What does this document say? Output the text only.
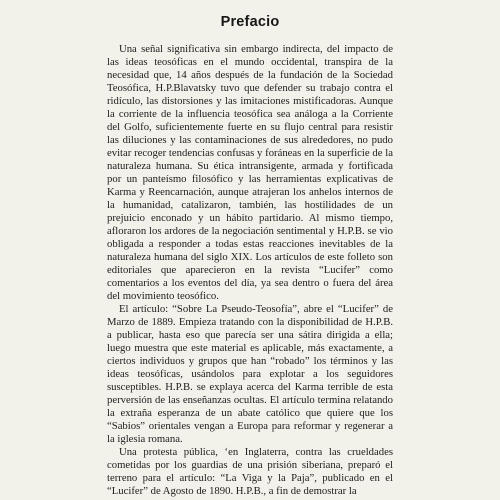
Prefacio

Una señal significativa sin embargo indirecta, del impacto de las ideas teosóficas en el mundo occidental, transpira de la necesidad que, 14 años después de la fundación de la Sociedad Teosófica, H.P.Blavatsky tuvo que defender su trabajo contra el ridículo, las distorsiones y las imitaciones mistificadoras. Aunque la corriente de la influencia teosófica sea análoga a la Corriente del Golfo, suficientemente fuerte en su flujo central para resistir las diluciones y las contaminaciones de sus alrededores, no pudo evitar recoger tendencias confusas y foráneas en la superficie de la naturaleza humana. Su ética intransigente, armada y fortificada por un panteísmo filosófico y las herramientas explicativas de Karma y Reencarnación, aunque atrajeran los anhelos internos de la humanidad, catalizaron, también, las hostilidades de un prejuicio enconado y un hábito partidario. Al mismo tiempo, afloraron los ardores de la negociación sentimental y H.P.B. se vio obligada a responder a todas estas reacciones inevitables de la naturaleza humana del siglo XIX. Los artículos de este folleto son editoriales que aparecieron en la revista “Lucifer” como comentarios a los eventos del día, ya sea dentro o fuera del área del movimiento teosófico.

El artículo: “Sobre La Pseudo-Teosofía”, abre el “Lucifer” de Marzo de 1889. Empieza tratando con la disponibilidad de H.P.B. a publicar, hasta eso que parecía ser una sátira dirigida a ella; luego muestra que este material es aplicable, más exactamente, a ciertos individuos y grupos que han “robado” los términos y las ideas teosóficas, usándolos para explotar a los seguidores susceptibles. H.P.B. se explaya acerca del Karma terrible de esta perversión de las enseñanzas ocultas. El artículo termina relatando la extraña esperanza de un abate católico que quiere que los “Sabios” orientales vengan a Europa para reformar y regenerar a la iglesia romana.

Una protesta pública, ‘en Inglaterra, contra las crueldades cometidas por los guardias de una prisión siberiana, preparó el terreno para el artículo: “La Viga y la Paja”, publicado en el “Lucifer” de Agosto de 1890. H.P.B., a fin de demostrar la
